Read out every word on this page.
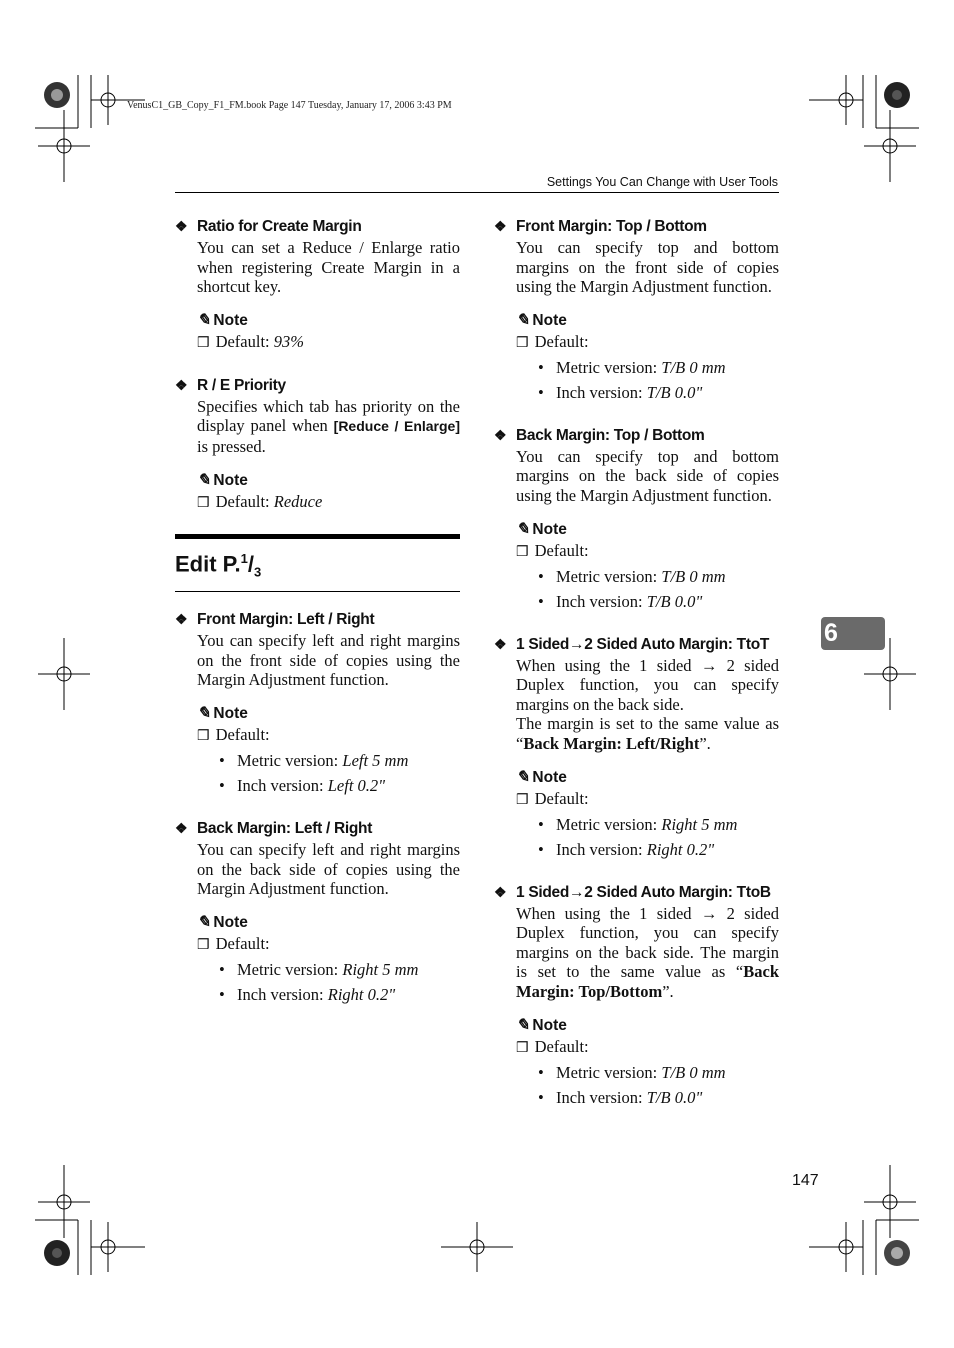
VenusC1_GB_Copy_F1_FM.book Page 147 Tuesday, January 17, 2006 3:43 PM
Settings You Can Change with User Tools
6
147
❖ Ratio for Create Margin
You can set a Reduce / Enlarge ratio when registering Create Margin in a shortcut key.
✎ Note
❒ Default: 93%
❖ R / E Priority
Specifies which tab has priority on the display panel when [Reduce / Enlarge] is pressed.
✎ Note
❒ Default: Reduce
Edit $P.^1/_3$
❖ Front Margin: Left / Right
You can specify left and right margins on the front side of copies using the Margin Adjustment function.
✎ Note
❒ Default:
• Metric version: Left 5 mm
• Inch version: Left 0.2"
❖ Back Margin: Left / Right
You can specify left and right margins on the back side of copies using the Margin Adjustment function.
✎ Note
❒ Default:
• Metric version: Right 5 mm
• Inch version: Right 0.2"
❖ Front Margin: Top / Bottom
You can specify top and bottom margins on the front side of copies using the Margin Adjustment function.
✎ Note
❒ Default:
• Metric version: T/B 0 mm
• Inch version: T/B 0.0"
❖ Back Margin: Top / Bottom
You can specify top and bottom margins on the back side of copies using the Margin Adjustment function.
✎ Note
❒ Default:
• Metric version: T/B 0 mm
• Inch version: T/B 0.0"
❖ 1 Sided→2 Sided Auto Margin: TtoT
When using the 1 sided → 2 sided Duplex function, you can specify margins on the back side.
The margin is set to the same value as “Back Margin: Left/Right”.
✎ Note
❒ Default:
• Metric version: Right 5 mm
• Inch version: Right 0.2"
❖ 1 Sided→2 Sided Auto Margin: TtoB
When using the 1 sided → 2 sided Duplex function, you can specify margins on the back side. The margin is set to the same value as “Back Margin: Top/Bottom”.
✎ Note
❒ Default:
• Metric version: T/B 0 mm
• Inch version: T/B 0.0"
